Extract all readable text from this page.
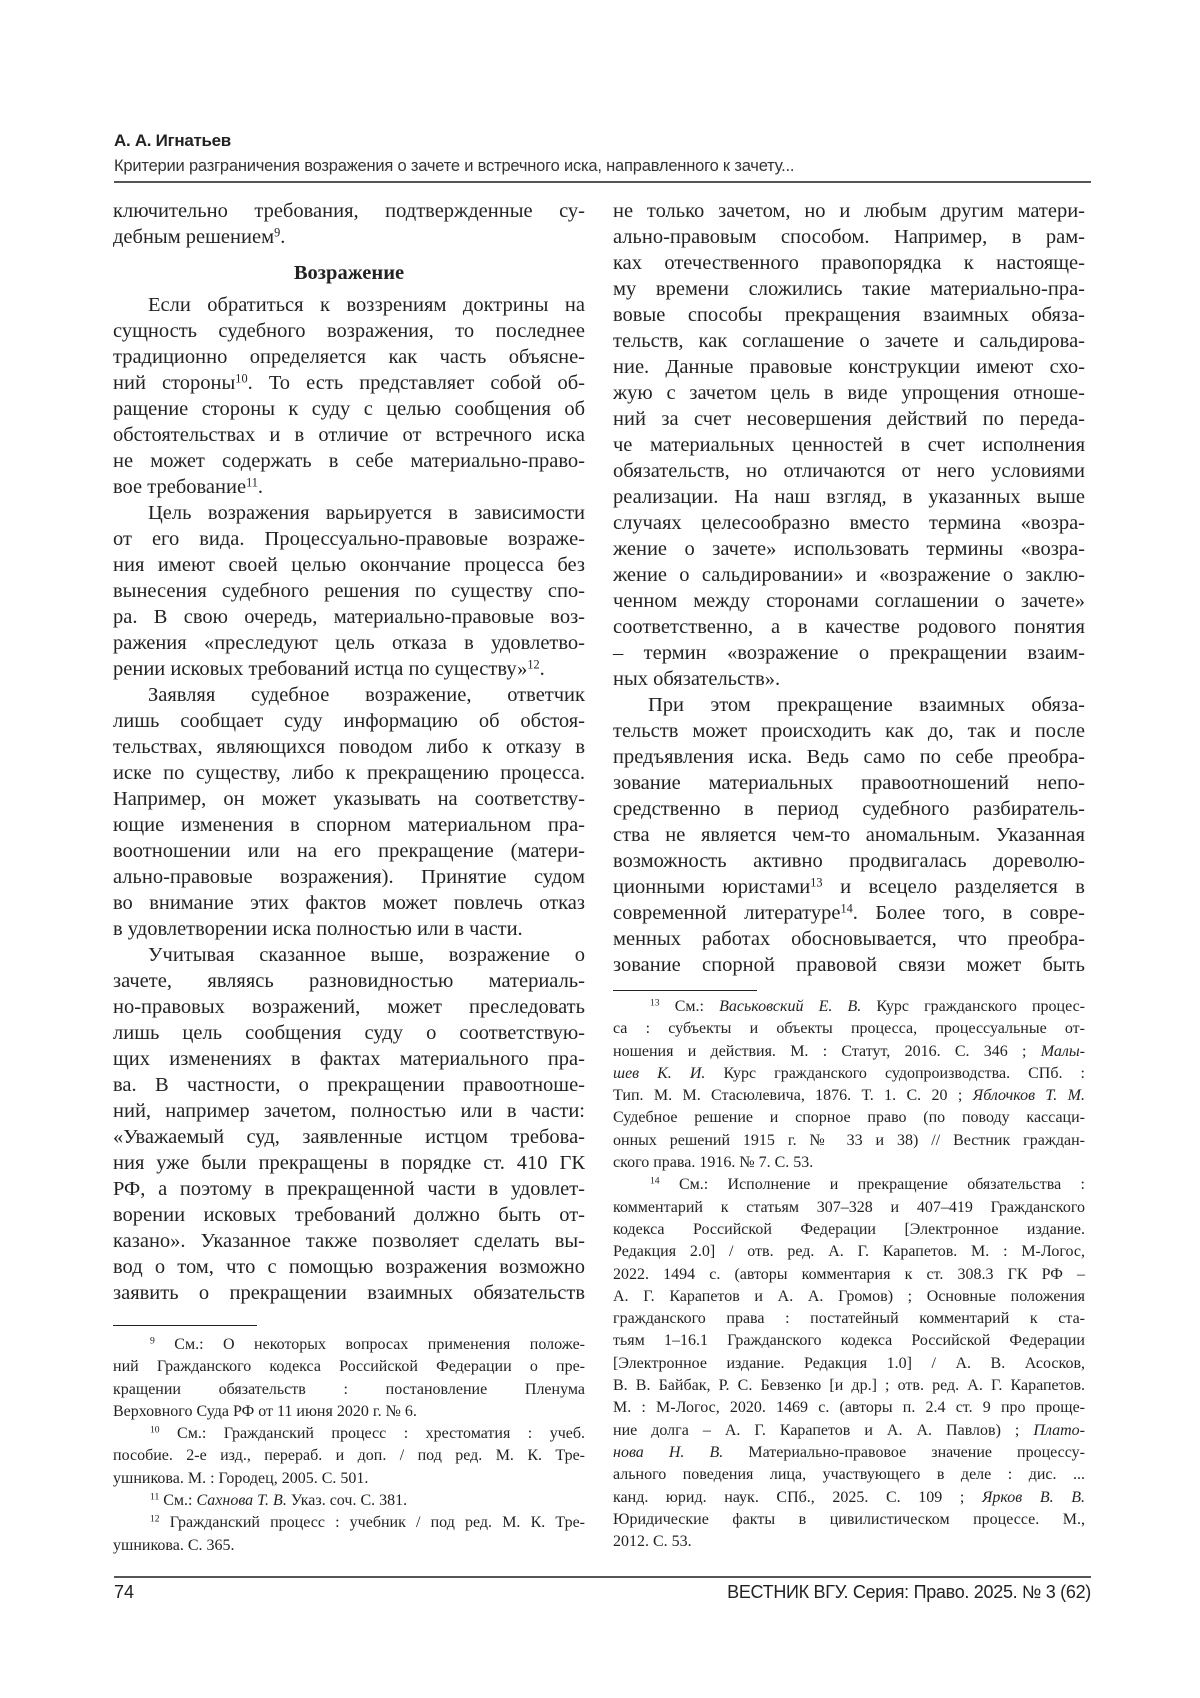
А. А. Игнатьев
Критерии разграничения возражения о зачете и встречного иска, направленного к зачету...
ключительно требования, подтвержденные су-
дебным решением9.
Возражение
Если обратиться к воззрениям доктрины на
сущность судебного возражения, то последнее
традиционно определяется как часть объясне-
ний стороны10. То есть представляет собой об-
ращение стороны к суду с целью сообщения об
обстоятельствах и в отличие от встречного иска
не может содержать в себе материально-право-
вое требование11.
Цель возражения варьируется в зависимости
от его вида. Процессуально-правовые возраже-
ния имеют своей целью окончание процесса без
вынесения судебного решения по существу спо-
ра. В свою очередь, материально-правовые воз-
ражения «преследуют цель отказа в удовлетво-
рении исковых требований истца по существу»12.
Заявляя судебное возражение, ответчик
лишь сообщает суду информацию об обстоя-
тельствах, являющихся поводом либо к отказу в
иске по существу, либо к прекращению процесса.
Например, он может указывать на соответству-
ющие изменения в спорном материальном пра-
воотношении или на его прекращение (матери-
ально-правовые возражения). Принятие судом
во внимание этих фактов может повлечь отказ
в удовлетворении иска полностью или в части.
Учитывая сказанное выше, возражение о
зачете, являясь разновидностью материаль-
но-правовых возражений, может преследовать
лишь цель сообщения суду о соответствую-
щих изменениях в фактах материального пра-
ва. В частности, о прекращении правоотноше-
ний, например зачетом, полностью или в части:
«Уважаемый суд, заявленные истцом требова-
ния уже были прекращены в порядке ст. 410 ГК
РФ, а поэтому в прекращенной части в удовлет-
ворении исковых требований должно быть от-
казано». Указанное также позволяет сделать вы-
вод о том, что с помощью возражения возможно
заявить о прекращении взаимных обязательств
не только зачетом, но и любым другим матери-
ально-правовым способом. Например, в рам-
ках отечественного правопорядка к настояще-
му времени сложились такие материально-пра-
вовые способы прекращения взаимных обяза-
тельств, как соглашение о зачете и сальдирова-
ние. Данные правовые конструкции имеют схо-
жую с зачетом цель в виде упрощения отноше-
ний за счет несовершения действий по переда-
че материальных ценностей в счет исполнения
обязательств, но отличаются от него условиями
реализации. На наш взгляд, в указанных выше
случаях целесообразно вместо термина «возра-
жение о зачете» использовать термины «возра-
жение о сальдировании» и «возражение о заклю-
ченном между сторонами соглашении о зачете»
соответственно, а в качестве родового понятия
– термин «возражение о прекращении взаим-
ных обязательств».
При этом прекращение взаимных обяза-
тельств может происходить как до, так и после
предъявления иска. Ведь само по себе преобра-
зование материальных правоотношений непо-
средственно в период судебного разбиратель-
ства не является чем-то аномальным. Указанная
возможность активно продвигалась дореволю-
ционными юристами13 и всецело разделяется в
современной литературе14. Более того, в совре-
менных работах обосновывается, что преобра-
зование спорной правовой связи может быть
9 См.: О некоторых вопросах применения положе-
ний Гражданского кодекса Российской Федерации о пре-
кращении обязательств : постановление Пленума
Верховного Суда РФ от 11 июня 2020 г. № 6.
10 См.: Гражданский процесс : хрестоматия : учеб.
пособие. 2-е изд., перераб. и доп. / под ред. М. К. Тре-
ушникова. М. : Городец, 2005. С. 501.
11 См.: Сахнова Т. В. Указ. соч. С. 381.
12 Гражданский процесс : учебник / под ред. М. К. Тре-
ушникова. С. 365.
13 См.: Васьковский Е. В. Курс гражданского процес-
са : субъекты и объекты процесса, процессуальные от-
ношения и действия. М. : Статут, 2016. С. 346 ; Малы-
шев К. И. Курс гражданского судопроизводства. СПб. :
Тип. М. М. Стасюлевича, 1876. Т. 1. С. 20 ; Яблочков Т. М.
Судебное решение и спорное право (по поводу кассаци-
онных решений 1915 г. № 33 и 38) // Вестник граждан-
ского права. 1916. № 7. С. 53.
14 См.: Исполнение и прекращение обязательства :
комментарий к статьям 307–328 и 407–419 Гражданского
кодекса Российской Федерации [Электронное издание.
Редакция 2.0] / отв. ред. А. Г. Карапетов. М. : М-Логос,
2022. 1494 с. (авторы комментария к ст. 308.3 ГК РФ –
А. Г. Карапетов и А. А. Громов) ; Основные положения
гражданского права : постатейный комментарий к ста-
тьям 1–16.1 Гражданского кодекса Российской Федерации
[Электронное издание. Редакция 1.0] / А. В. Асосков,
В. В. Байбак, Р. С. Бевзенко [и др.] ; отв. ред. А. Г. Карапетов.
М. : М-Логос, 2020. 1469 с. (авторы п. 2.4 ст. 9 про проще-
ние долга – А. Г. Карапетов и А. А. Павлов) ; Плато-
нова Н. В. Материально-правовое значение процессу-
ального поведения лица, участвующего в деле : дис. ...
канд. юрид. наук. СПб., 2025. С. 109 ; Ярков В. В.
Юридические факты в цивилистическом процессе. М.,
2012. С. 53.
74	ВЕСТНИК ВГУ. Серия: Право. 2025. № 3 (62)
